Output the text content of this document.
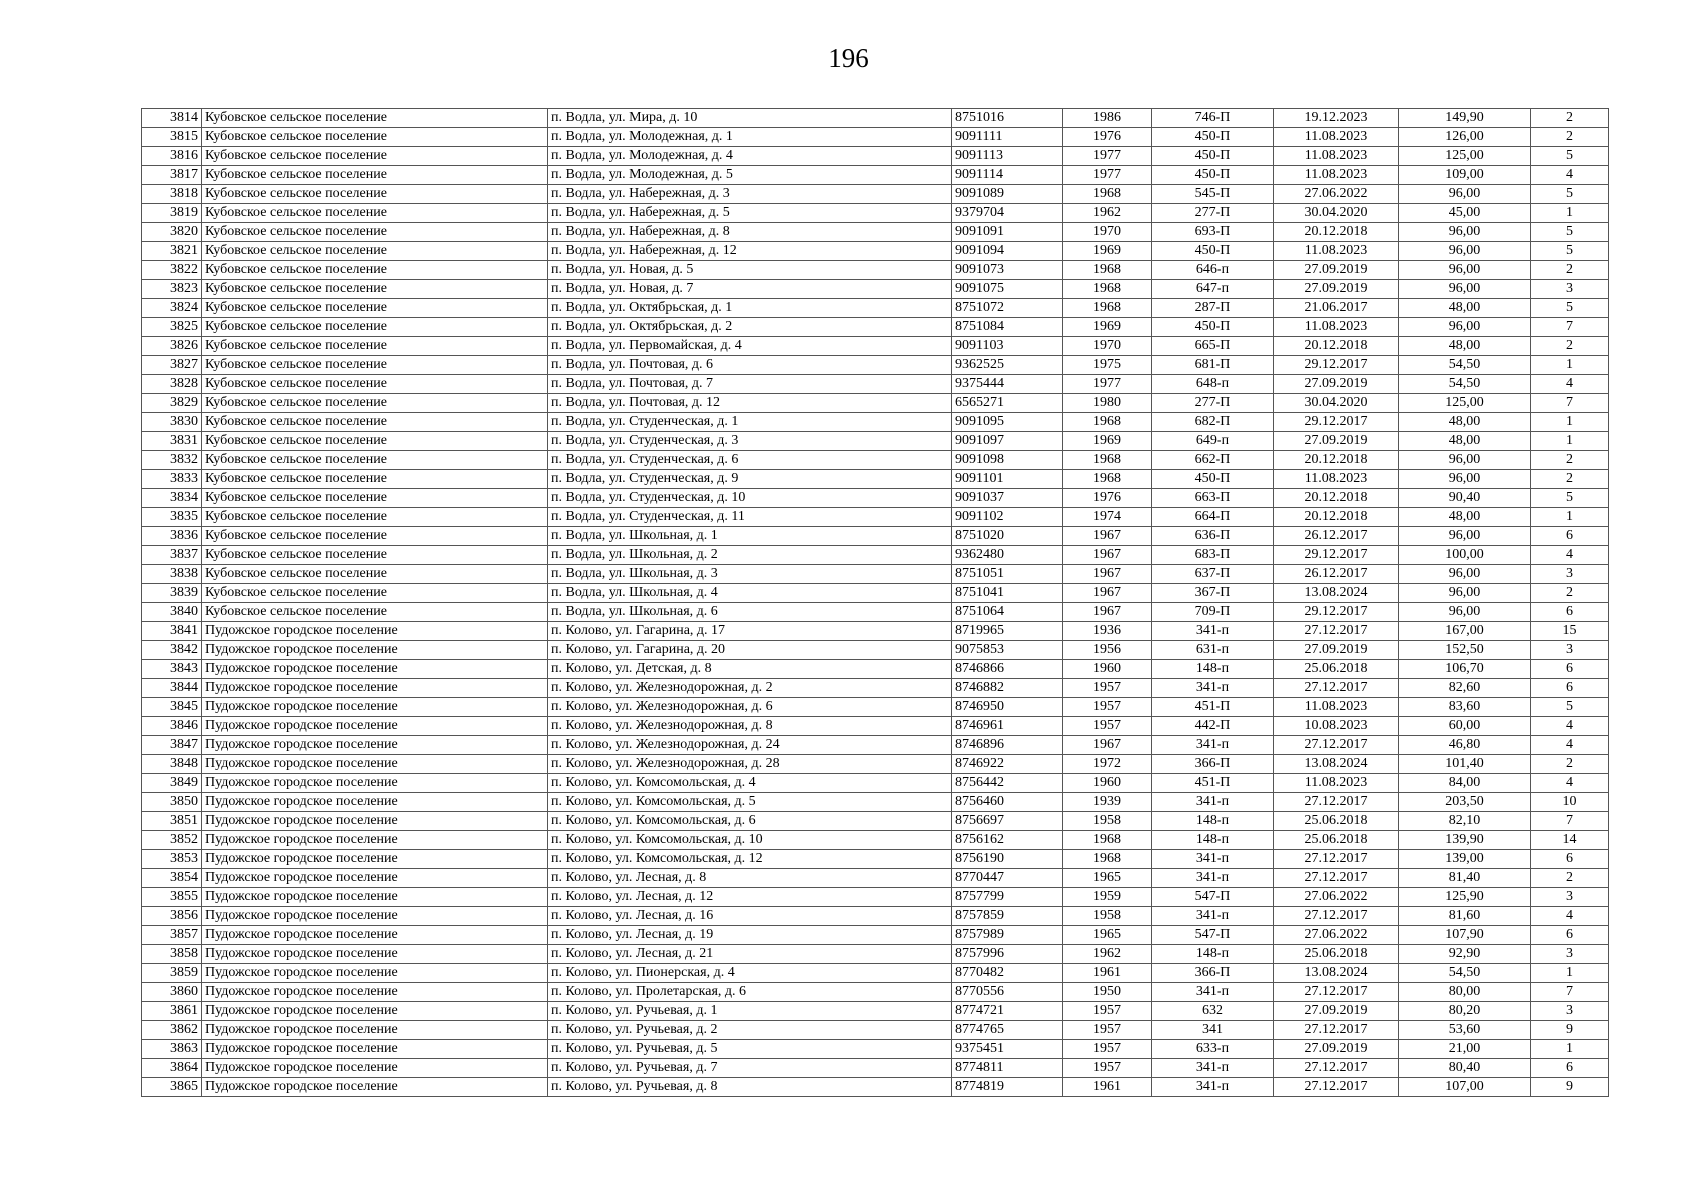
196
3814	Кубовское сельское поселение	п. Водла, ул. Мира, д. 10	8751016	1986	746-П	19.12.2023	149,90	2
3815	Кубовское сельское поселение	п. Водла, ул. Молодежная, д. 1	9091111	1976	450-П	11.08.2023	126,00	2
3816	Кубовское сельское поселение	п. Водла, ул. Молодежная, д. 4	9091113	1977	450-П	11.08.2023	125,00	5
3817	Кубовское сельское поселение	п. Водла, ул. Молодежная, д. 5	9091114	1977	450-П	11.08.2023	109,00	4
3818	Кубовское сельское поселение	п. Водла, ул. Набережная, д. 3	9091089	1968	545-П	27.06.2022	96,00	5
3819	Кубовское сельское поселение	п. Водла, ул. Набережная, д. 5	9379704	1962	277-П	30.04.2020	45,00	1
3820	Кубовское сельское поселение	п. Водла, ул. Набережная, д. 8	9091091	1970	693-П	20.12.2018	96,00	5
3821	Кубовское сельское поселение	п. Водла, ул. Набережная, д. 12	9091094	1969	450-П	11.08.2023	96,00	5
3822	Кубовское сельское поселение	п. Водла, ул. Новая, д. 5	9091073	1968	646-п	27.09.2019	96,00	2
3823	Кубовское сельское поселение	п. Водла, ул. Новая, д. 7	9091075	1968	647-п	27.09.2019	96,00	3
3824	Кубовское сельское поселение	п. Водла, ул. Октябрьская, д. 1	8751072	1968	287-П	21.06.2017	48,00	5
3825	Кубовское сельское поселение	п. Водла, ул. Октябрьская, д. 2	8751084	1969	450-П	11.08.2023	96,00	7
3826	Кубовское сельское поселение	п. Водла, ул. Первомайская, д. 4	9091103	1970	665-П	20.12.2018	48,00	2
3827	Кубовское сельское поселение	п. Водла, ул. Почтовая, д. 6	9362525	1975	681-П	29.12.2017	54,50	1
3828	Кубовское сельское поселение	п. Водла, ул. Почтовая, д. 7	9375444	1977	648-п	27.09.2019	54,50	4
3829	Кубовское сельское поселение	п. Водла, ул. Почтовая, д. 12	6565271	1980	277-П	30.04.2020	125,00	7
3830	Кубовское сельское поселение	п. Водла, ул. Студенческая, д. 1	9091095	1968	682-П	29.12.2017	48,00	1
3831	Кубовское сельское поселение	п. Водла, ул. Студенческая, д. 3	9091097	1969	649-п	27.09.2019	48,00	1
3832	Кубовское сельское поселение	п. Водла, ул. Студенческая, д. 6	9091098	1968	662-П	20.12.2018	96,00	2
3833	Кубовское сельское поселение	п. Водла, ул. Студенческая, д. 9	9091101	1968	450-П	11.08.2023	96,00	2
3834	Кубовское сельское поселение	п. Водла, ул. Студенческая, д. 10	9091037	1976	663-П	20.12.2018	90,40	5
3835	Кубовское сельское поселение	п. Водла, ул. Студенческая, д. 11	9091102	1974	664-П	20.12.2018	48,00	1
3836	Кубовское сельское поселение	п. Водла, ул. Школьная, д. 1	8751020	1967	636-П	26.12.2017	96,00	6
3837	Кубовское сельское поселение	п. Водла, ул. Школьная, д. 2	9362480	1967	683-П	29.12.2017	100,00	4
3838	Кубовское сельское поселение	п. Водла, ул. Школьная, д. 3	8751051	1967	637-П	26.12.2017	96,00	3
3839	Кубовское сельское поселение	п. Водла, ул. Школьная, д. 4	8751041	1967	367-П	13.08.2024	96,00	2
3840	Кубовское сельское поселение	п. Водла, ул. Школьная, д. 6	8751064	1967	709-П	29.12.2017	96,00	6
3841	Пудожское городское поселение	п. Колово, ул. Гагарина, д. 17	8719965	1936	341-п	27.12.2017	167,00	15
3842	Пудожское городское поселение	п. Колово, ул. Гагарина, д. 20	9075853	1956	631-п	27.09.2019	152,50	3
3843	Пудожское городское поселение	п. Колово, ул. Детская, д. 8	8746866	1960	148-п	25.06.2018	106,70	6
3844	Пудожское городское поселение	п. Колово, ул. Железнодорожная, д. 2	8746882	1957	341-п	27.12.2017	82,60	6
3845	Пудожское городское поселение	п. Колово, ул. Железнодорожная, д. 6	8746950	1957	451-П	11.08.2023	83,60	5
3846	Пудожское городское поселение	п. Колово, ул. Железнодорожная, д. 8	8746961	1957	442-П	10.08.2023	60,00	4
3847	Пудожское городское поселение	п. Колово, ул. Железнодорожная, д. 24	8746896	1967	341-п	27.12.2017	46,80	4
3848	Пудожское городское поселение	п. Колово, ул. Железнодорожная, д. 28	8746922	1972	366-П	13.08.2024	101,40	2
3849	Пудожское городское поселение	п. Колово, ул. Комсомольская, д. 4	8756442	1960	451-П	11.08.2023	84,00	4
3850	Пудожское городское поселение	п. Колово, ул. Комсомольская, д. 5	8756460	1939	341-п	27.12.2017	203,50	10
3851	Пудожское городское поселение	п. Колово, ул. Комсомольская, д. 6	8756697	1958	148-п	25.06.2018	82,10	7
3852	Пудожское городское поселение	п. Колово, ул. Комсомольская, д. 10	8756162	1968	148-п	25.06.2018	139,90	14
3853	Пудожское городское поселение	п. Колово, ул. Комсомольская, д. 12	8756190	1968	341-п	27.12.2017	139,00	6
3854	Пудожское городское поселение	п. Колово, ул. Лесная, д. 8	8770447	1965	341-п	27.12.2017	81,40	2
3855	Пудожское городское поселение	п. Колово, ул. Лесная, д. 12	8757799	1959	547-П	27.06.2022	125,90	3
3856	Пудожское городское поселение	п. Колово, ул. Лесная, д. 16	8757859	1958	341-п	27.12.2017	81,60	4
3857	Пудожское городское поселение	п. Колово, ул. Лесная, д. 19	8757989	1965	547-П	27.06.2022	107,90	6
3858	Пудожское городское поселение	п. Колово, ул. Лесная, д. 21	8757996	1962	148-п	25.06.2018	92,90	3
3859	Пудожское городское поселение	п. Колово, ул. Пионерская, д. 4	8770482	1961	366-П	13.08.2024	54,50	1
3860	Пудожское городское поселение	п. Колово, ул. Пролетарская, д. 6	8770556	1950	341-п	27.12.2017	80,00	7
3861	Пудожское городское поселение	п. Колово, ул. Ручьевая, д. 1	8774721	1957	632	27.09.2019	80,20	3
3862	Пудожское городское поселение	п. Колово, ул. Ручьевая, д. 2	8774765	1957	341	27.12.2017	53,60	9
3863	Пудожское городское поселение	п. Колово, ул. Ручьевая, д. 5	9375451	1957	633-п	27.09.2019	21,00	1
3864	Пудожское городское поселение	п. Колово, ул. Ручьевая, д. 7	8774811	1957	341-п	27.12.2017	80,40	6
3865	Пудожское городское поселение	п. Колово, ул. Ручьевая, д. 8	8774819	1961	341-п	27.12.2017	107,00	9
